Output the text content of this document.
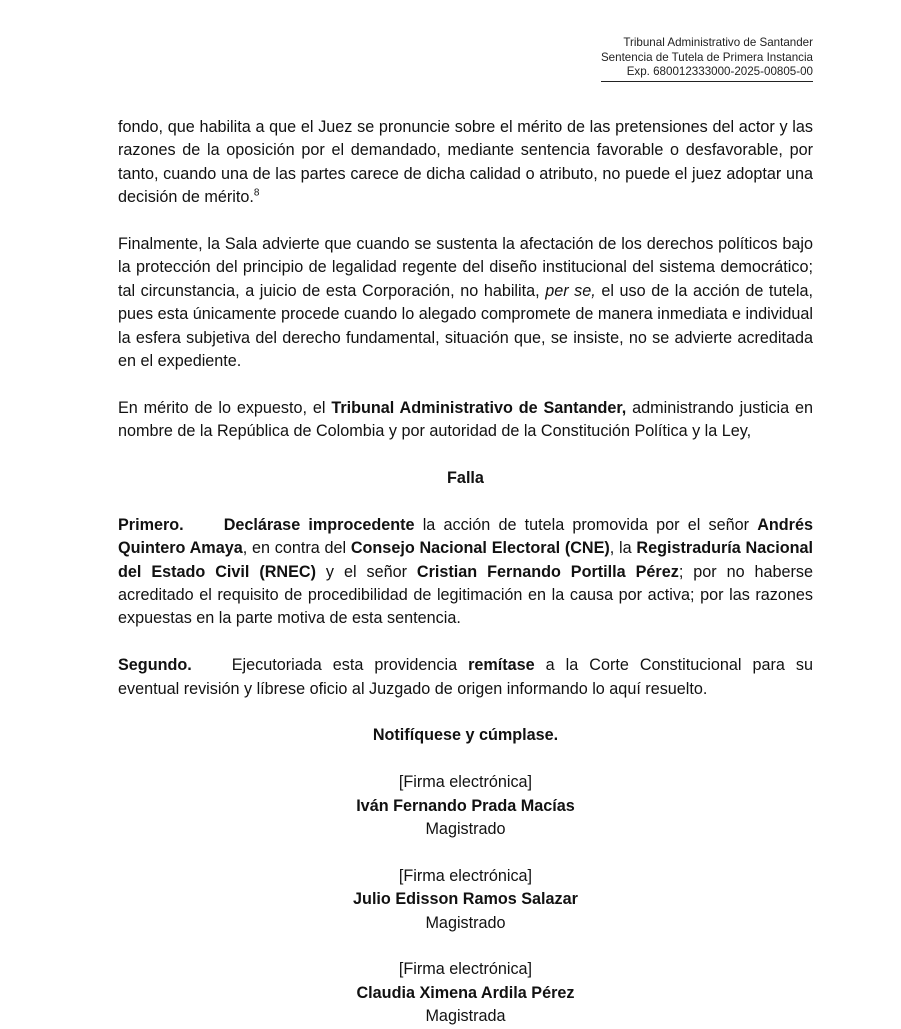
Tribunal Administrativo de Santander
Sentencia de Tutela de Primera Instancia
Exp. 680012333000-2025-00805-00

fondo, que habilita a que el Juez se pronuncie sobre el mérito de las pretensiones del actor y las razones de la oposición por el demandado, mediante sentencia favorable o desfavorable, por tanto, cuando una de las partes carece de dicha calidad o atributo, no puede el juez adoptar una decisión de mérito.$^8$

Finalmente, la Sala advierte que cuando se sustenta la afectación de los derechos políticos bajo la protección del principio de legalidad regente del diseño institucional del sistema democrático; tal circunstancia, a juicio de esta Corporación, no habilita, per se, el uso de la acción de tutela, pues esta únicamente procede cuando lo alegado compromete de manera inmediata e individual la esfera subjetiva del derecho fundamental, situación que, se insiste, no se advierte acreditada en el expediente.

En mérito de lo expuesto, el Tribunal Administrativo de Santander, administrando justicia en nombre de la República de Colombia y por autoridad de la Constitución Política y la Ley,

Falla

Primero. Declárase improcedente la acción de tutela promovida por el señor Andrés Quintero Amaya, en contra del Consejo Nacional Electoral (CNE), la Registraduría Nacional del Estado Civil (RNEC) y el señor Cristian Fernando Portilla Pérez; por no haberse acreditado el requisito de procedibilidad de legitimación en la causa por activa; por las razones expuestas en la parte motiva de esta sentencia.

Segundo. Ejecutoriada esta providencia remítase a la Corte Constitucional para su eventual revisión y líbrese oficio al Juzgado de origen informando lo aquí resuelto.

Notifíquese y cúmplase.

[Firma electrónica]
Iván Fernando Prada Macías
Magistrado
[Firma electrónica]
Julio Edisson Ramos Salazar
Magistrado
[Firma electrónica]
Claudia Ximena Ardila Pérez
Magistrada
